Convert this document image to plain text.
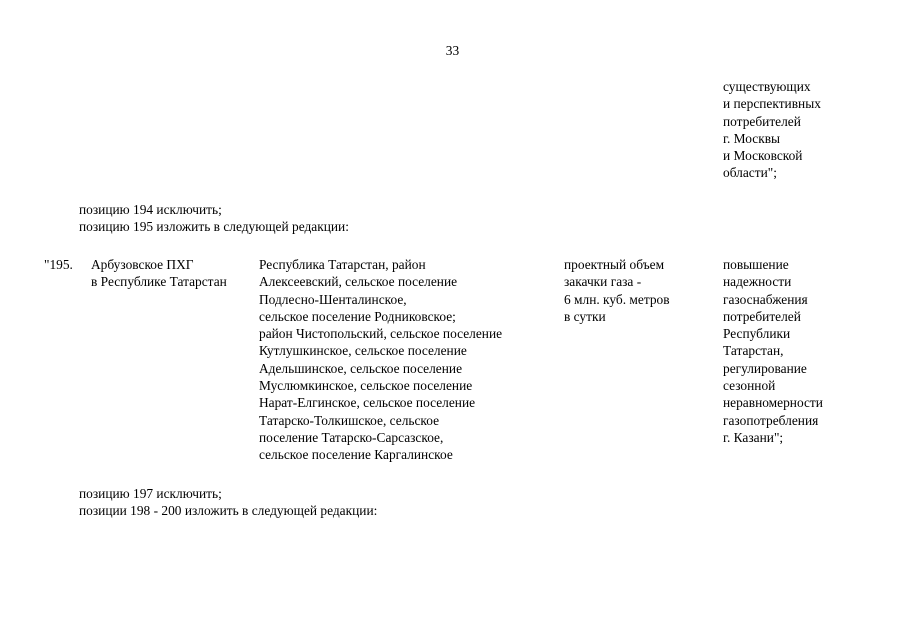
33
существующих
и перспективных
потребителей
г. Москвы
и Московской
области";
позицию 194 исключить;
позицию 195 изложить в следующей редакции:
"195. Арбузовское ПХГ
в Республике Татарстан
Республика Татарстан, район
Алексеевский, сельское поселение
Подлесно-Шенталинское,
сельское поселение Родниковское;
район Чистопольский, сельское поселение
Кутлушкинское, сельское поселение
Адельшинское, сельское поселение
Муслюмкинское, сельское поселение
Нарат-Елгинское, сельское поселение
Татарско-Толкишское, сельское
поселение Татарско-Сарсазское,
сельское поселение Каргалинское
проектный объем
закачки газа -
6 млн. куб. метров
в сутки
повышение
надежности
газоснабжения
потребителей
Республики
Татарстан,
регулирование
сезонной
неравномерности
газопотребления
г. Казани";
позицию 197 исключить;
позиции 198 - 200 изложить в следующей редакции:
